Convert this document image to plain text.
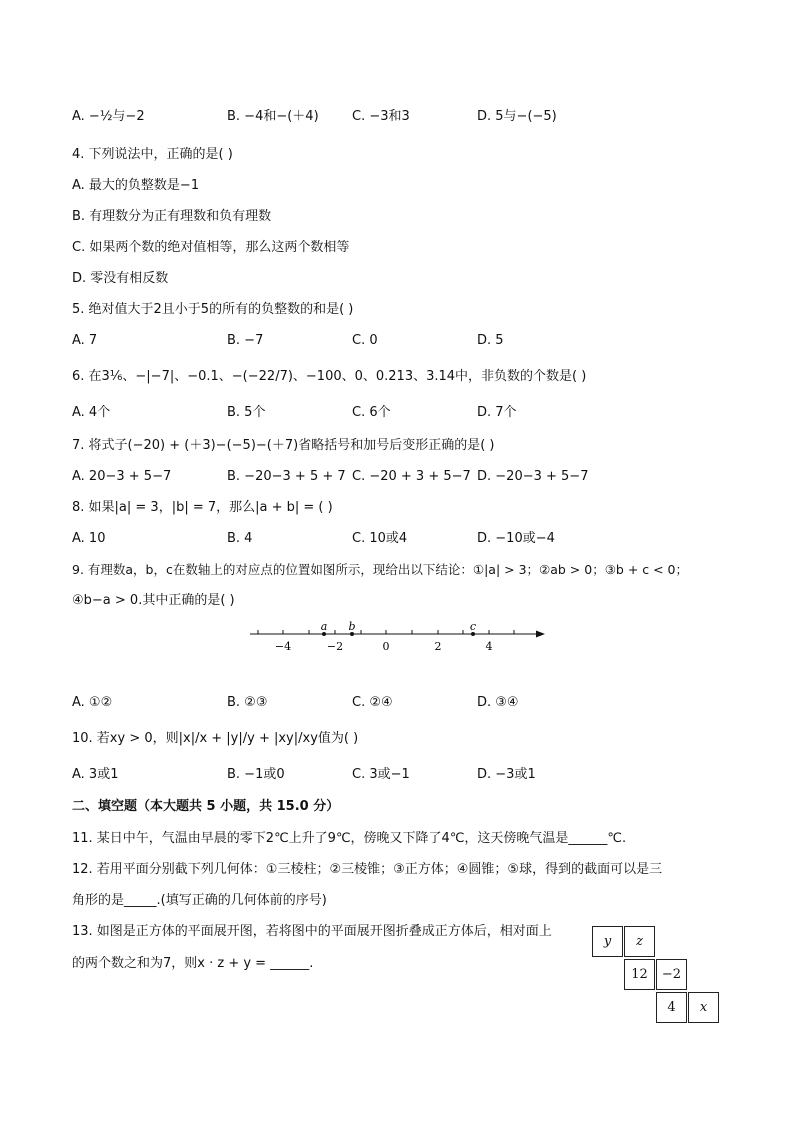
A. −½与−2	B. −4和−(＋4)	C. −3和3	D. 5与−(−5)
4. 下列说法中，正确的是( )
A. 最大的负整数是−1
B. 有理数分为正有理数和负有理数
C. 如果两个数的绝对值相等，那么这两个数相等
D. 零没有相反数
5. 绝对值大于2且小于5的所有的负整数的和是( )
A. 7	B. −7	C. 0	D. 5
6. 在3⅙、−|−7|、−0.1、−(−22/7)、−100、0、0.2̇13̇、3.14中，非负数的个数是( )
A. 4个	B. 5个	C. 6个	D. 7个
7. 将式子(−20) + (＋3)−(−5)−(＋7)省略括号和加号后变形正确的是( )
A. 20−3 + 5−7	B. −20−3 + 5 + 7 C. −20 + 3 + 5−7 D. −20−3 + 5−7
8. 如果|a| = 3，|b| = 7，那么|a + b| = ( )
A. 10	B. 4	C. 10或4	D. −10或−4
9. 有理数a，b，c在数轴上的对应点的位置如图所示，现给出以下结论：①|a| > 3；②ab > 0；③b + c < 0；
④b−a > 0.其中正确的是( )
a b	c
−4	−2	0	2	4
A. ①②	B. ②③	C. ②④	D. ③④
10. 若xy > 0，则|x|/x + |y|/y + |xy|/xy值为( )
A. 3或1	B. −1或0	C. 3或−1	D. −3或1
二、填空题（本大题共 5 小题，共 15.0 分）
11. 某日中午，气温由早晨的零下2℃上升了9℃，傍晚又下降了4℃，这天傍晚气温是______℃.
12. 若用平面分别截下列几何体：①三棱柱；②三棱锥；③正方体；④圆锥；⑤球，得到的截面可以是三
角形的是_____.(填写正确的几何体前的序号)
13. 如图是正方体的平面展开图，若将图中的平面展开图折叠成正方体后，相对面上
的两个数之和为7，则x · z + y = ______.
y	z
12	−2
4	x
